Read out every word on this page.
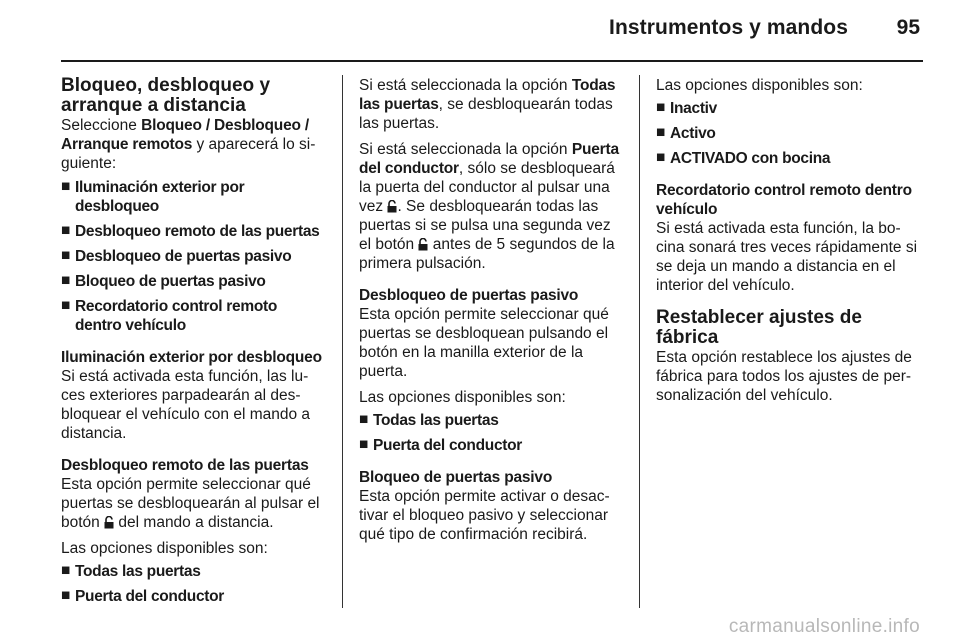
Instrumentos y mandos 95

Bloqueo, desbloqueo y arranque a distancia

Seleccione Bloqueo / Desbloqueo / Arranque remotos y aparecerá lo si-guiente:

■ Iluminación exterior por desbloqueo
■ Desbloqueo remoto de las puertas
■ Desbloqueo de puertas pasivo
■ Bloqueo de puertas pasivo
■ Recordatorio control remoto dentro vehículo

Iluminación exterior por desbloqueo

Si está activada esta función, las lu-ces exteriores parpadearán al des-bloquear el vehículo con el mando a distancia.

Desbloqueo remoto de las puertas

Esta opción permite seleccionar qué puertas se desbloquearán al pulsar el botón  del mando a distancia.

Las opciones disponibles son:

■ Todas las puertas
■ Puerta del conductor

Si está seleccionada la opción Todas las puertas, se desbloquearán todas las puertas.

Si está seleccionada la opción Puerta del conductor, sólo se desbloqueará la puerta del conductor al pulsar una vez . Se desbloquearán todas las puertas si se pulsa una segunda vez el botón  antes de 5 segundos de la primera pulsación.

Desbloqueo de puertas pasivo

Esta opción permite seleccionar qué puertas se desbloquean pulsando el botón en la manilla exterior de la puerta.

Las opciones disponibles son:

■ Todas las puertas
■ Puerta del conductor

Bloqueo de puertas pasivo

Esta opción permite activar o desac-tivar el bloqueo pasivo y seleccionar qué tipo de confirmación recibirá.

Las opciones disponibles son:

■ Inactiv
■ Activo
■ ACTIVADO con bocina

Recordatorio control remoto dentro vehículo

Si está activada esta función, la bo-cina sonará tres veces rápidamente si se deja un mando a distancia en el interior del vehículo.

Restablecer ajustes de fábrica

Esta opción restablece los ajustes de fábrica para todos los ajustes de per-sonalización del vehículo.

carmanualsonline.info
